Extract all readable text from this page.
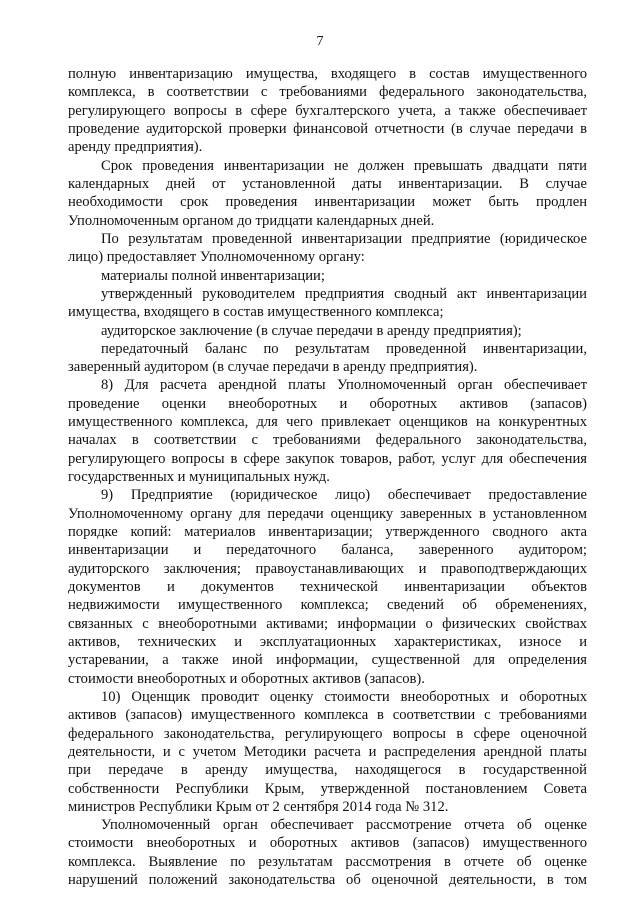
7
полную инвентаризацию имущества, входящего в состав имущественного
комплекса, в соответствии с требованиями федерального законодательства,
регулирующего вопросы в сфере бухгалтерского учета, а также обеспечивает
проведение аудиторской проверки финансовой отчетности (в случае передачи в
аренду предприятия).
Срок проведения инвентаризации не должен превышать двадцати пяти
календарных дней от установленной даты инвентаризации. В случае
необходимости срок проведения инвентаризации может быть продлен
Уполномоченным органом до тридцати календарных дней.
По результатам проведенной инвентаризации предприятие (юридическое
лицо) предоставляет Уполномоченному органу:
материалы полной инвентаризации;
утвержденный руководителем предприятия сводный акт инвентаризации
имущества, входящего в состав имущественного комплекса;
аудиторское заключение (в случае передачи в аренду предприятия);
передаточный баланс по результатам проведенной инвентаризации,
заверенный аудитором (в случае передачи в аренду предприятия).
8) Для расчета арендной платы Уполномоченный орган обеспечивает
проведение оценки внеоборотных и оборотных активов (запасов)
имущественного комплекса, для чего привлекает оценщиков на конкурентных
началах в соответствии с требованиями федерального законодательства,
регулирующего вопросы в сфере закупок товаров, работ, услуг для обеспечения
государственных и муниципальных нужд.
9) Предприятие (юридическое лицо) обеспечивает предоставление
Уполномоченному органу для передачи оценщику заверенных в установленном
порядке копий: материалов инвентаризации; утвержденного сводного акта
инвентаризации и передаточного баланса, заверенного аудитором;
аудиторского заключения; правоустанавливающих и правоподтверждающих
документов и документов технической инвентаризации объектов
недвижимости имущественного комплекса; сведений об обременениях,
связанных с внеоборотными активами; информации о физических свойствах
активов, технических и эксплуатационных характеристиках, износе и
устаревании, а также иной информации, существенной для определения
стоимости внеоборотных и оборотных активов (запасов).
10) Оценщик проводит оценку стоимости внеоборотных и оборотных
активов (запасов) имущественного комплекса в соответствии с требованиями
федерального законодательства, регулирующего вопросы в сфере оценочной
деятельности, и с учетом Методики расчета и распределения арендной платы
при передаче в аренду имущества, находящегося в государственной
собственности Республики Крым, утвержденной постановлением Совета
министров Республики Крым от 2 сентября 2014 года № 312.
Уполномоченный орган обеспечивает рассмотрение отчета об оценке
стоимости внеоборотных и оборотных активов (запасов) имущественного
комплекса. Выявление по результатам рассмотрения в отчете об оценке
нарушений положений законодательства об оценочной деятельности, в том
